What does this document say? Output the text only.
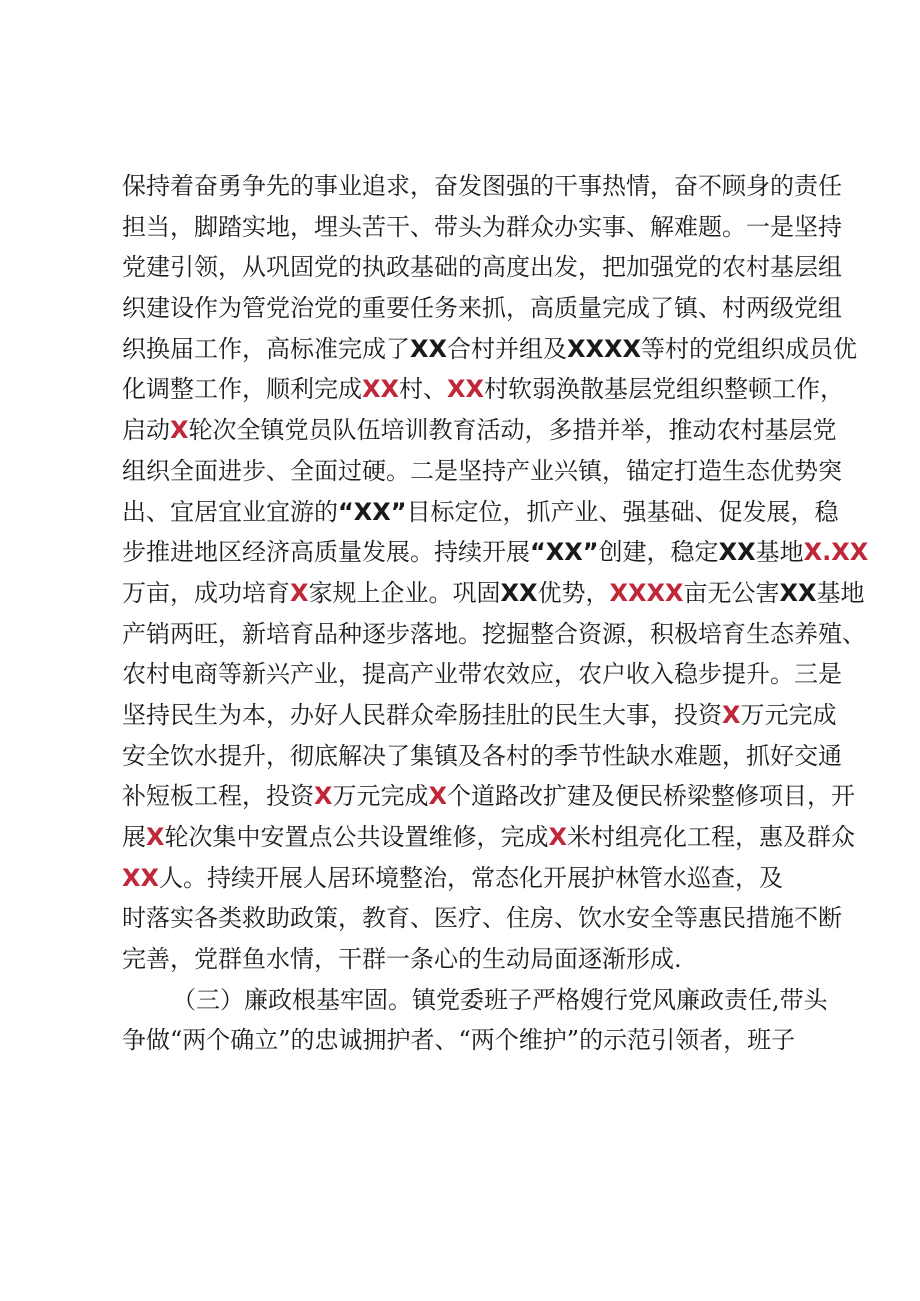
保持着奋勇争先的事业追求，奋发图强的干事热情，奋不顾身的责任
担当，脚踏实地，埋头苦干、带头为群众办实事、解难题。一是坚持
党建引领，从巩固党的执政基础的高度出发，把加强党的农村基层组
织建设作为管党治党的重要任务来抓，高质量完成了镇、村两级党组
织换届工作，高标准完成了XX合村并组及XXXX等村的党组织成员优
化调整工作，顺利完成XX村、XX村软弱涣散基层党组织整顿工作，
启动X轮次全镇党员队伍培训教育活动，多措并举，推动农村基层党
组织全面进步、全面过硬。二是坚持产业兴镇，锚定打造生态优势突
出、宜居宜业宜游的“XX”目标定位，抓产业、强基础、促发展，稳
步推进地区经济高质量发展。持续开展“XX”创建，稳定XX基地X.XX
万亩，成功培育X家规上企业。巩固XX优势，XXXX亩无公害XX基地
产销两旺，新培育品种逐步落地。挖掘整合资源，积极培育生态养殖、
农村电商等新兴产业，提高产业带农效应，农户收入稳步提升。三是
坚持民生为本，办好人民群众牵肠挂肚的民生大事，投资X万元完成
安全饮水提升，彻底解决了集镇及各村的季节性缺水难题，抓好交通
补短板工程，投资X万元完成X个道路改扩建及便民桥梁整修项目，开
展X轮次集中安置点公共设置维修，完成X米村组亮化工程，惠及群众
XX人。持续开展人居环境整治，常态化开展护林管水巡查，及
时落实各类救助政策，教育、医疗、住房、饮水安全等惠民措施不断
完善，党群鱼水情，干群一条心的生动局面逐渐形成.
（三）廉政根基牢固。镇党委班子严格嫂行党风廉政责任,带头
争做“两个确立”的忠诚拥护者、“两个维护”的示范引领者，班子
